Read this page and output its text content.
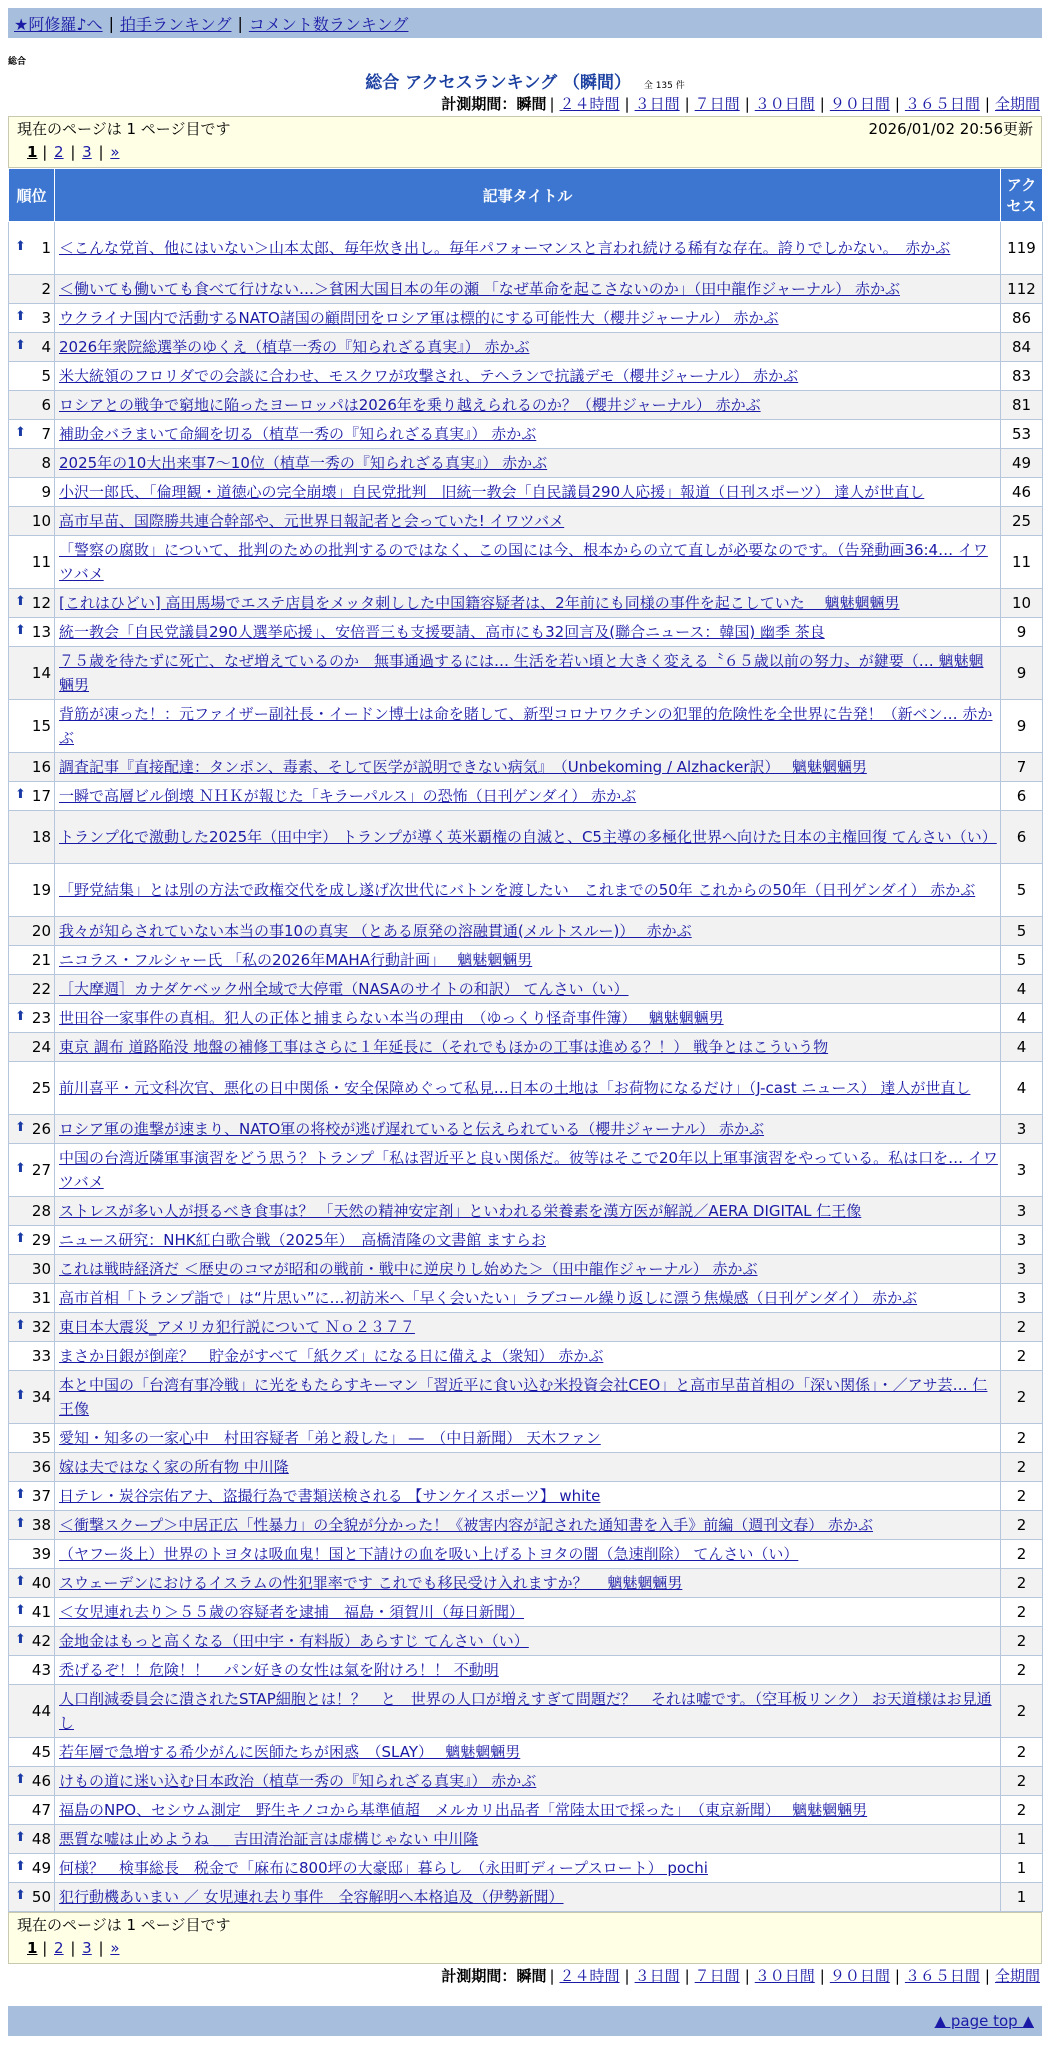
★阿修羅♪へ | 拍手ランキング | コメント数ランキング
総合
総合 アクセスランキング （瞬間） 全 135 件
計測期間：瞬間 | ２４時間 | ３日間 | ７日間 | ３０日間 | ９０日間 | ３６５日間 | 全期間
現在のページは 1 ページ目です	2026/01/02 20:56更新
1 | 2 | 3 | »
順位	記事タイトル	アクセス

⬆ 1	＜こんな党首、他にはいない＞山本太郎、毎年炊き出し。毎年パフォーマンスと言われ続ける稀有な存在。誇りでしかない。　赤かぶ	119
2	＜働いても働いても食べて行けない…＞貧困大国日本の年の瀬 「なぜ革命を起こさないのか」（田中龍作ジャーナル） 赤かぶ	112

⬆ 3	ウクライナ国内で活動するNATO諸国の顧問団をロシア軍は標的にする可能性大（櫻井ジャーナル） 赤かぶ	86

⬆ 4	2026年衆院総選挙のゆくえ（植草一秀の『知られざる真実』） 赤かぶ	84
5	米大統領のフロリダでの会談に合わせ、モスクワが攻撃され、テヘランで抗議デモ（櫻井ジャーナル） 赤かぶ	83
6	ロシアとの戦争で窮地に陥ったヨーロッパは2026年を乗り越えられるのか？（櫻井ジャーナル） 赤かぶ	81

⬆ 7	補助金バラまいて命綱を切る（植草一秀の『知られざる真実』） 赤かぶ	53
8	2025年の10大出来事7〜10位（植草一秀の『知られざる真実』） 赤かぶ	49
9	小沢一郎氏、「倫理観・道徳心の完全崩壊」自民党批判　旧統一教会「自民議員290人応援」報道（日刊スポーツ） 達人が世直し	46
10	高市早苗、国際勝共連合幹部や、元世界日報記者と会っていた! イワツバメ	25
11	「警察の腐敗」について、批判のための批判するのではなく、この国には今、根本からの立て直しが必要なのです。（告発動画36:4… イワツバメ	11

⬆ 12	[これはひどい] 高田馬場でエステ店員をメッタ刺しした中国籍容疑者は、2年前にも同様の事件を起こしていた　 魑魅魍魎男	10

⬆ 13	統一教会「自民党議員290人選挙応援」、安倍晋三も支援要請、高市にも32回言及(聯合ニュース：韓国) 幽季 茶良	9
14	７５歳を待たずに死亡、なぜ増えているのか　無事通過するには… 生活を若い頃と大きく変える〝６５歳以前の努力〟が鍵要（… 魑魅魍魎男	9
15	背筋が凍った！：元ファイザー副社長・イードン博士は命を賭して、新型コロナワクチンの犯罪的危険性を全世界に告発！（新ベン… 赤かぶ	9
16	調査記事『直接配達：タンポン、毒素、そして医学が説明できない病気』　（Unbekoming / Alzhacker訳）　 魑魅魍魎男	7

⬆ 17	一瞬で高層ビル倒壊 ＮＨＫが報じた「キラーパルス」の恐怖（日刊ゲンダイ） 赤かぶ	6
18	トランプ化で激動した2025年（田中宇） トランプが導く英米覇権の自滅と、C5主導の多極化世界へ向けた日本の主権回復 てんさい（い）	6
19	「野党結集」とは別の方法で政権交代を成し遂げ次世代にバトンを渡したい　これまでの50年 これからの50年（日刊ゲンダイ） 赤かぶ	5
20	我々が知らされていない本当の事10の真実 （とある原発の溶融貫通(メルトスルー)）　 赤かぶ	5
21	ニコラス・フルシャー氏 「私の2026年MAHA行動計画」　 魑魅魍魎男	5
22	［大摩週］カナダケベック州全域で大停電（NASAのサイトの和訳） てんさい（い）	4

⬆ 23	世田谷一家事件の真相。犯人の正体と捕まらない本当の理由　（ゆっくり怪奇事件簿）　 魑魅魍魎男	4
24	東京 調布 道路陥没 地盤の補修工事はさらに１年延長に（それでもほかの工事は進める？！） 戦争とはこういう物	4
25	前川喜平・元文科次官、悪化の日中関係・安全保障めぐって私見…日本の土地は「お荷物になるだけ」（J-cast ニュース） 達人が世直し	4

⬆ 26	ロシア軍の進撃が速まり、NATO軍の将校が逃げ遅れていると伝えられている（櫻井ジャーナル） 赤かぶ	3

⬆ 27	中国の台湾近隣軍事演習をどう思う？トランプ「私は習近平と良い関係だ。彼等はそこで20年以上軍事演習をやっている。私は口を… イワツバメ	3
28	ストレスが多い人が摂るべき食事は？ 「天然の精神安定剤」といわれる栄養素を漢方医が解説／AERA DIGITAL 仁王像	3

⬆ 29	ニュース研究：NHK紅白歌合戦（2025年）　高橋清隆の文書館 ますらお	3
30	これは戦時経済だ ＜歴史のコマが昭和の戦前・戦中に逆戻りし始めた＞（田中龍作ジャーナル） 赤かぶ	3
31	高市首相「トランプ詣で」は“片思い”に…初訪米へ「早く会いたい」ラブコール繰り返しに漂う焦燥感（日刊ゲンダイ） 赤かぶ	3

⬆ 32	東日本大震災_アメリカ犯行説について Ｎｏ２３７７	2
33	まさか日銀が倒産？　貯金がすべて「紙クズ」になる日に備えよ（衆知） 赤かぶ	2

⬆ 34	本と中国の「台湾有事冷戦」に光をもたらすキーマン「習近平に食い込む米投資会社CEO」と高市早苗首相の「深い関係」・／アサ芸… 仁王像	2
35	愛知・知多の一家心中　村田容疑者「弟と殺した」 ―　（中日新聞） 天木ファン	2
36	嫁は夫ではなく家の所有物 中川隆	2

⬆ 37	日テレ・炭谷宗佑アナ、盗撮行為で書類送検される 【サンケイスポーツ】 white	2

⬆ 38	＜衝撃スクープ＞中居正広「性暴力」の全貌が分かった！《被害内容が記された通知書を入手》前編（週刊文春） 赤かぶ	2
39	（ヤフー炎上）世界のトヨタは吸血鬼！国と下請けの血を吸い上げるトヨタの闇（急速削除） てんさい（い）	2

⬆ 40	スウェーデンにおけるイスラムの性犯罪率です これでも移民受け入れますか？　 魑魅魍魎男	2

⬆ 41	＜女児連れ去り＞５５歳の容疑者を逮捕　福島・須賀川（毎日新聞）	2

⬆ 42	金地金はもっと高くなる（田中宇・有料版）あらすじ てんさい（い）	2
43	禿げるぞ！！危険！！　パン好きの女性は氣を附けろ！！ 不動明	2
44	人口削減委員会に潰されたSTAP細胞とは！？　と　世界の人口が増えすぎて問題だ？　それは嘘です。（空耳板リンク） お天道様はお見通し	2
45	若年層で急増する希少がんに医師たちが困惑　（SLAY）　 魑魅魍魎男	2

⬆ 46	けもの道に迷い込む日本政治（植草一秀の『知られざる真実』） 赤かぶ	2
47	福島のNPO、セシウム測定　野生キノコから基準値超　メルカリ出品者「常陸太田で採った」　（東京新聞）　 魑魅魍魎男	2

⬆ 48	悪質な嘘は止めようね ＿ 吉田清治証言は虚構じゃない 中川隆	1

⬆ 49	何様？　検事総長　税金で「麻布に800坪の大豪邸」暮らし　（永田町ディープスロート） pochi	1

⬆ 50	犯行動機あいまい ／ 女児連れ去り事件　全容解明へ本格追及（伊勢新聞）	1
現在のページは 1 ページ目です
1 | 2 | 3 | »
計測期間：瞬間 | ２４時間 | ３日間 | ７日間 | ３０日間 | ９０日間 | ３６５日間 | 全期間
▲ page top ▲
